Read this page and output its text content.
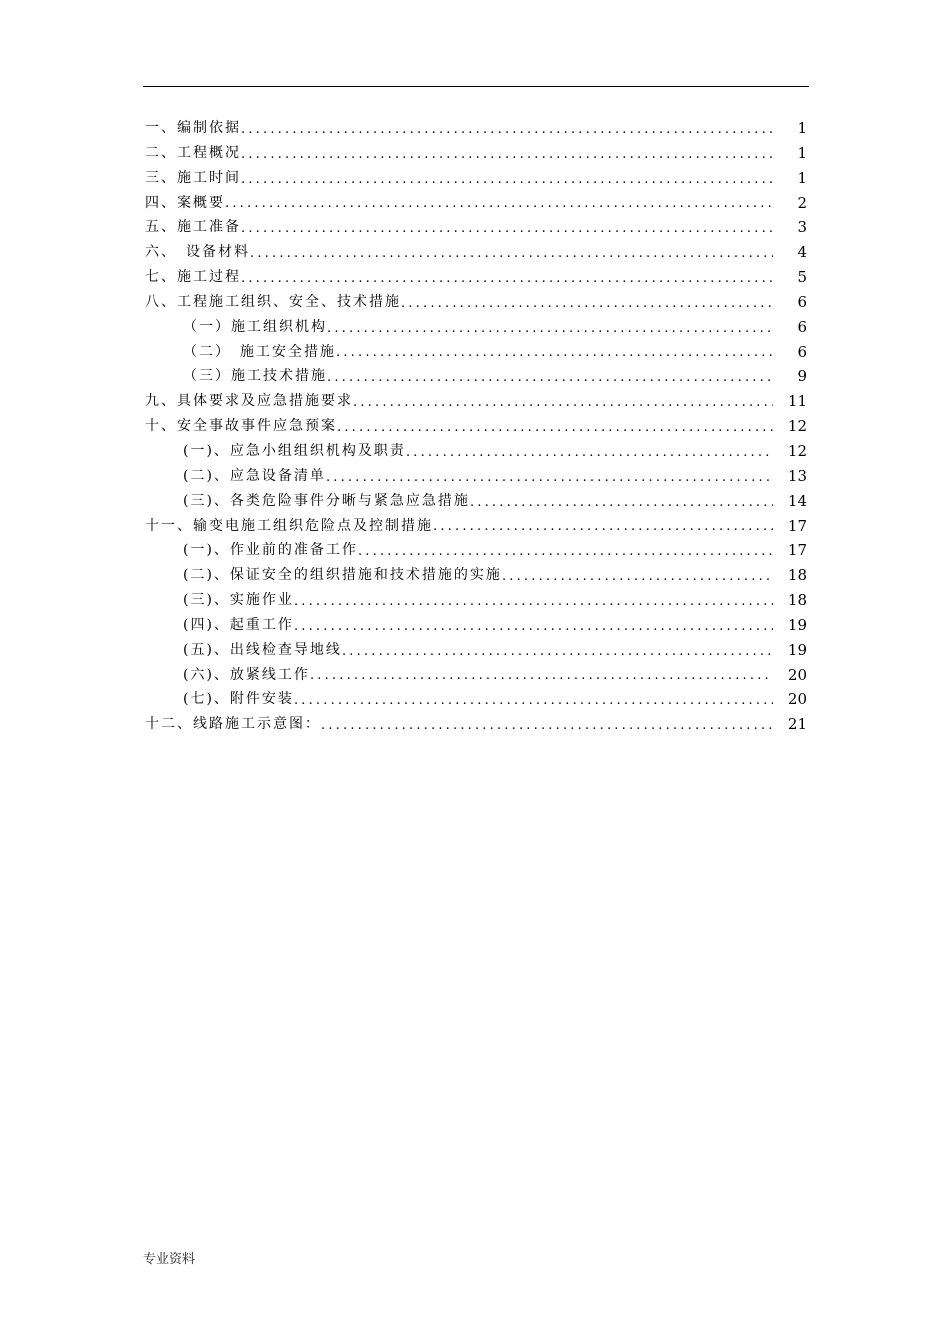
一、编制依据 .....	1
二、工程概况 .....	1
三、施工时间 .....	1
四、案概要 .....	2
五、施工准备 .....	3
六、　设备材料 .....	4
七、施工过程 .....	5
八、工程施工组织、安全、技术措施 .....	6
（一）施工组织机构 .....	6
（二）　施工安全措施 .....	6
（三）施工技术措施 .....	9
九、具体要求及应急措施要求 .....	11
十、安全事故事件应急预案 .....	12
(一)、应急小组组织机构及职责 .....	12
(二)、应急设备清单 .....	13
(三)、各类危险事件分晰与紧急应急措施 .....	14
十一、输变电施工组织危险点及控制措施 .....	17
(一)、作业前的准备工作 .....	17
(二)、保证安全的组织措施和技术措施的实施 .....	18
(三)、实施作业 .....	18
(四)、起重工作 .....	19
(五)、出线检查导地线 .....	19
(六)、放紧线工作 .....	20
(七)、附件安装 .....	20
十二、线路施工示意图： .....	21
专业资料
